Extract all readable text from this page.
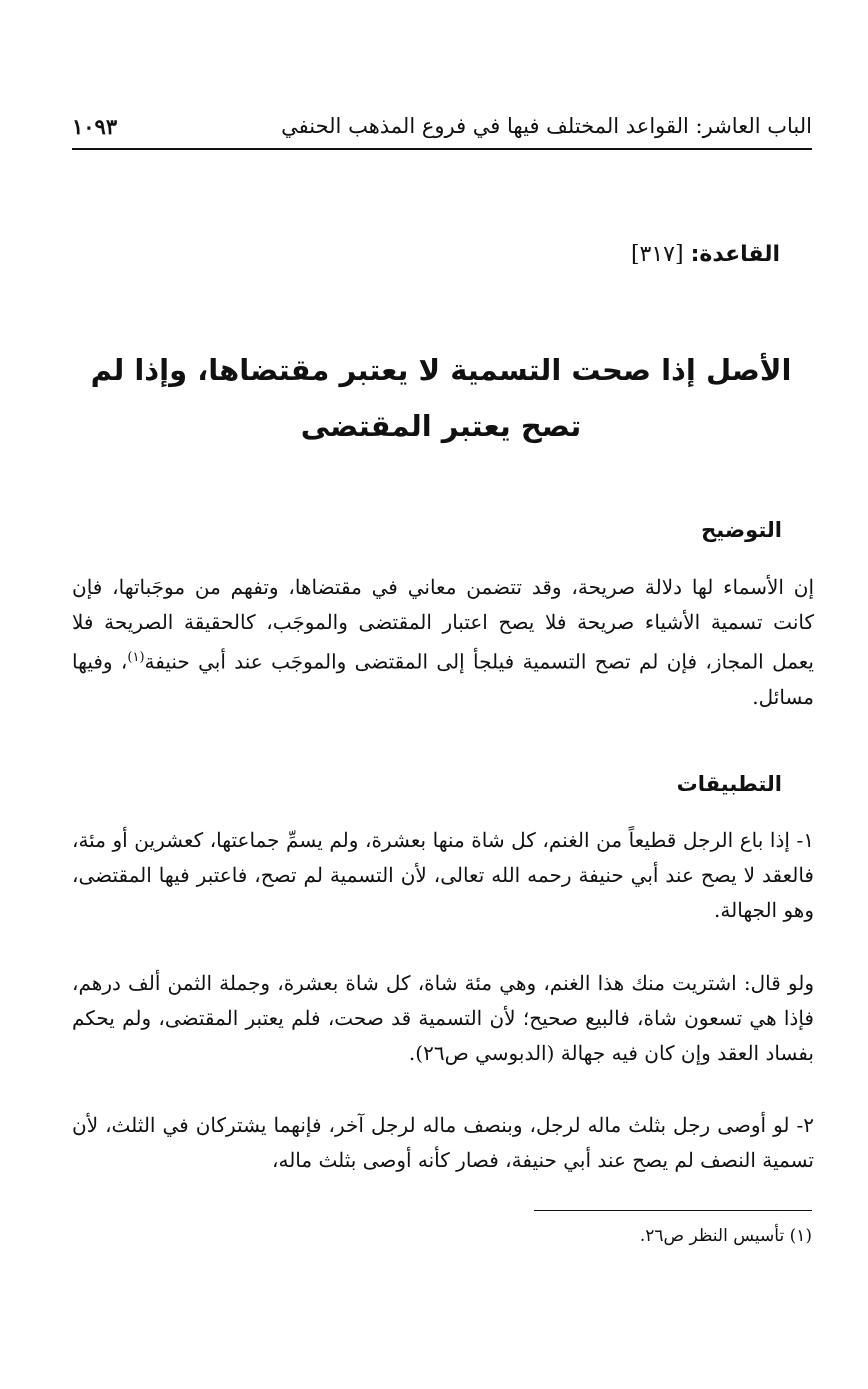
الباب العاشر: القواعد المختلف فيها في فروع المذهب الحنفي
١٠٩٣
القاعدة: [٣١٧]
الأصل إذا صحت التسمية لا يعتبر مقتضاها، وإذا لم تصح يعتبر المقتضى
التوضيح
إن الأسماء لها دلالة صريحة، وقد تتضمن معاني في مقتضاها، وتفهم من موجَباتها، فإن كانت تسمية الأشياء صريحة فلا يصح اعتبار المقتضى والموجَب، كالحقيقة الصريحة فلا يعمل المجاز، فإن لم تصح التسمية فيلجأ إلى المقتضى والموجَب عند أبي حنيفة$^{(١)}$، وفيها مسائل.
التطبيقات
١- إذا باع الرجل قطيعاً من الغنم، كل شاة منها بعشرة، ولم يسمِّ جماعتها، كعشرين أو مئة، فالعقد لا يصح عند أبي حنيفة رحمه الله تعالى، لأن التسمية لم تصح، فاعتبر فيها المقتضى، وهو الجهالة.
ولو قال: اشتريت منك هذا الغنم، وهي مئة شاة، كل شاة بعشرة، وجملة الثمن ألف درهم، فإذا هي تسعون شاة، فالبيع صحيح؛ لأن التسمية قد صحت، فلم يعتبر المقتضى، ولم يحكم بفساد العقد وإن كان فيه جهالة (الدبوسي ص٢٦).
٢- لو أوصى رجل بثلث ماله لرجل، وبنصف ماله لرجل آخر، فإنهما يشتركان في الثلث، لأن تسمية النصف لم يصح عند أبي حنيفة، فصار كأنه أوصى بثلث ماله،
(١) تأسيس النظر ص٢٦.
